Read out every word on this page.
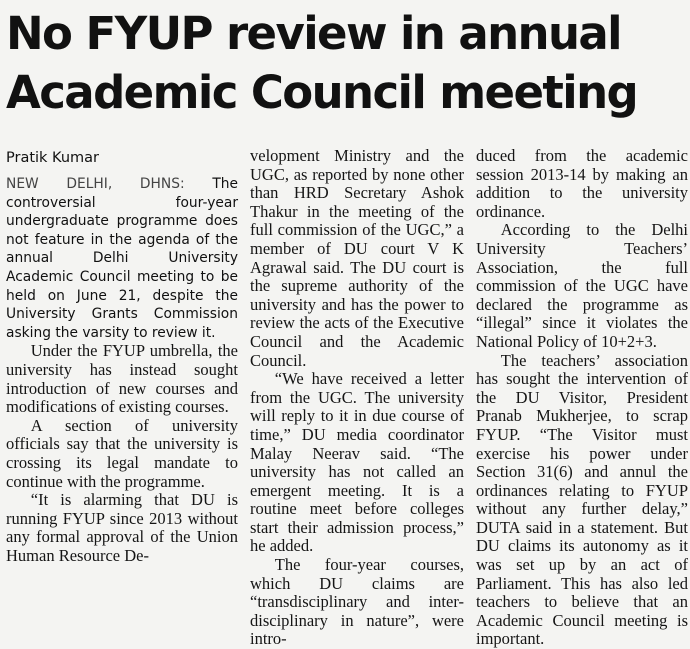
No FYUP review in annual
Academic Council meeting
Pratik Kumar

NEW DELHI, DHNS: The controversial four-year undergraduate programme does not feature in the agenda of the annual Delhi University Academic Council meeting to be held on June 21, despite the University Grants Commission asking the varsity to review it.

Under the FYUP umbrella, the university has instead sought introduction of new courses and modifications of existing courses.

A section of university officials say that the university is crossing its legal mandate to continue with the programme.

“It is alarming that DU is running FYUP since 2013 without any formal approval of the Union Human Resource De-

velopment Ministry and the UGC, as reported by none other than HRD Secretary Ashok Thakur in the meeting of the full commission of the UGC,” a member of DU court V K Agrawal said. The DU court is the supreme authority of the university and has the power to review the acts of the Executive Council and the Academic Council.

“We have received a letter from the UGC. The university will reply to it in due course of time,” DU media coordinator Malay Neerav said. “The university has not called an emergent meeting. It is a routine meet before colleges start their admission process,” he added.

The four-year courses, which DU claims are “transdisciplinary and inter-disciplinary in nature”, were intro-

duced from the academic session 2013-14 by making an addition to the university ordinance.

According to the Delhi University Teachers’ Association, the full commission of the UGC have declared the programme as “illegal” since it violates the National Policy of 10+2+3.

The teachers’ association has sought the intervention of the DU Visitor, President Pranab Mukherjee, to scrap FYUP. “The Visitor must exercise his power under Section 31(6) and annul the ordinances relating to FYUP without any further delay,” DUTA said in a statement. But DU claims its autonomy as it was set up by an act of Parliament. This has also led teachers to believe that an Academic Council meeting is important.
